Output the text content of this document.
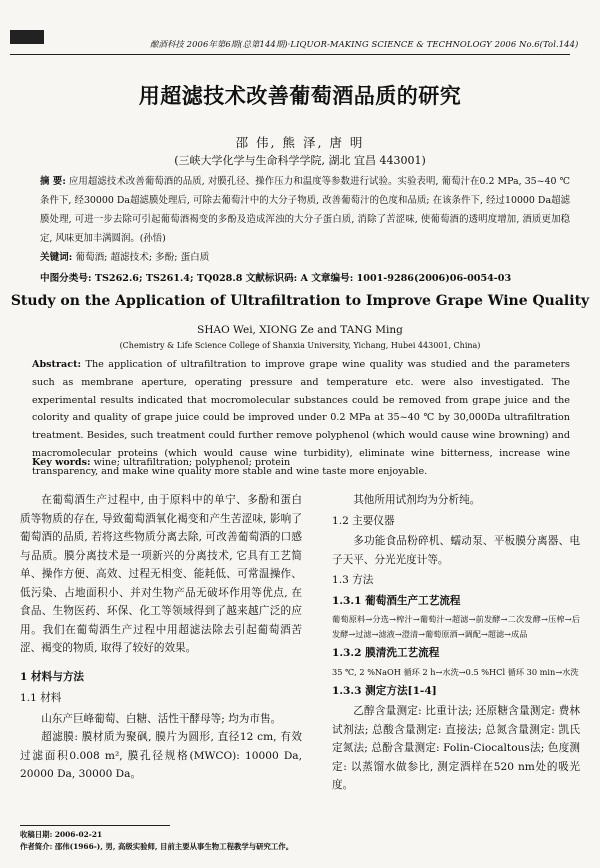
酿酒科技 2006年第6期(总第144期)·LIQUOR-MAKING SCIENCE & TECHNOLOGY 2006 No.6(Tol.144)
用超滤技术改善葡萄酒品质的研究
邵 伟, 熊 泽, 唐 明
(三峡大学化学与生命科学学院, 湖北 宜昌 443001)
摘 要: 应用超滤技术改善葡萄酒的品质, 对膜孔径、操作压力和温度等参数进行试验。实验表明, 葡萄汁在0.2 MPa, 35~40 ℃条件下, 经30000 Da超滤膜处理后, 可除去葡萄汁中的大分子物质, 改善葡萄汁的色度和品质; 在该条件下, 经过10000 Da超滤膜处理, 可进一步去除可引起葡萄酒褐变的多酚及造成浑浊的大分子蛋白质, 消除了苦涩味, 使葡萄酒的透明度增加, 酒质更加稳定, 风味更加丰满圆润。(孙悟)
关键词: 葡萄酒; 超滤技术; 多酚; 蛋白质
中图分类号: TS262.6; TS261.4; TQ028.8 文献标识码: A 文章编号: 1001-9286(2006)06-0054-03
Study on the Application of Ultrafiltration to Improve Grape Wine Quality
SHAO Wei, XIONG Ze and TANG Ming
(Chemistry & Life Science College of Shanxia University, Yichang, Hubei 443001, China)
Abstract: The application of ultrafiltration to improve grape wine quality was studied and the parameters such as membrane aperture, operating pressure and temperature etc. were also investigated. The experimental results indicated that mocromolecular substances could be removed from grape juice and the colority and quality of grape juice could be improved under 0.2 MPa at 35~40 ℃ by 30,000Da ultrafiltration treatment. Besides, such treatment could further remove polyphenol (which would cause wine browning) and macromolecular proteins (which would cause wine turbidity), eliminate wine bitterness, increase wine transparency, and make wine quality more stable and wine taste more enjoyable.
Key words: wine; ultrafiltration; polyphenol; protein

在葡萄酒生产过程中, 由于原料中的单宁、多酚和蛋白质等物质的存在, 导致葡萄酒氧化褐变和产生苦涩味, 影响了葡萄酒的品质, 若将这些物质分离去除, 可改善葡萄酒的口感与品质。膜分离技术是一项新兴的分离技术, 它具有工艺简单、操作方便、高效、过程无相变、能耗低、可常温操作、低污染、占地面积小、并对生物产品无破坏作用等优点, 在食品、生物医药、环保、化工等领域得到了越来越广泛的应用。我们在葡萄酒生产过程中用超滤法除去引起葡萄酒苦涩、褐变的物质, 取得了较好的效果。

1 材料与方法
1.1 材料

山东产巨峰葡萄、白糖、活性干酵母等; 均为市售。

超滤膜: 膜材质为聚砜, 膜片为圆形, 直径12 cm, 有效过滤面积0.008 m², 膜孔径规格(MWCO): 10000 Da, 20000 Da, 30000 Da。

收稿日期: 2006-02-21
作者简介: 邵伟(1966-), 男, 高级实验师, 目前主要从事生物工程教学与研究工作。

其他所用试剂均为分析纯。

1.2 主要仪器

多功能食品粉碎机、蠕动泵、平板膜分离器、电子天平、分光光度计等。

1.3 方法
1.3.1 葡萄酒生产工艺流程

葡萄原料→分选→榨汁→葡萄汁→超滤→前发酵→二次发酵→压榨→后发酵→过滤→滤液→澄清→葡萄原酒→调配→超滤→成品

1.3.2 膜清洗工艺流程

35 ℃, 2 %NaOH 循环 2 h→水洗→0.5 %HCl 循环 30 min→水洗

1.3.3 测定方法[1-4]

乙醇含量测定: 比重计法; 还原糖含量测定: 费林试剂法; 总酸含量测定: 直接法; 总氮含量测定: 凯氏定氮法; 总酚含量测定: Folin-Ciocaltous法; 色度测定: 以蒸馏水做参比, 测定酒样在520 nm处的吸光度。
